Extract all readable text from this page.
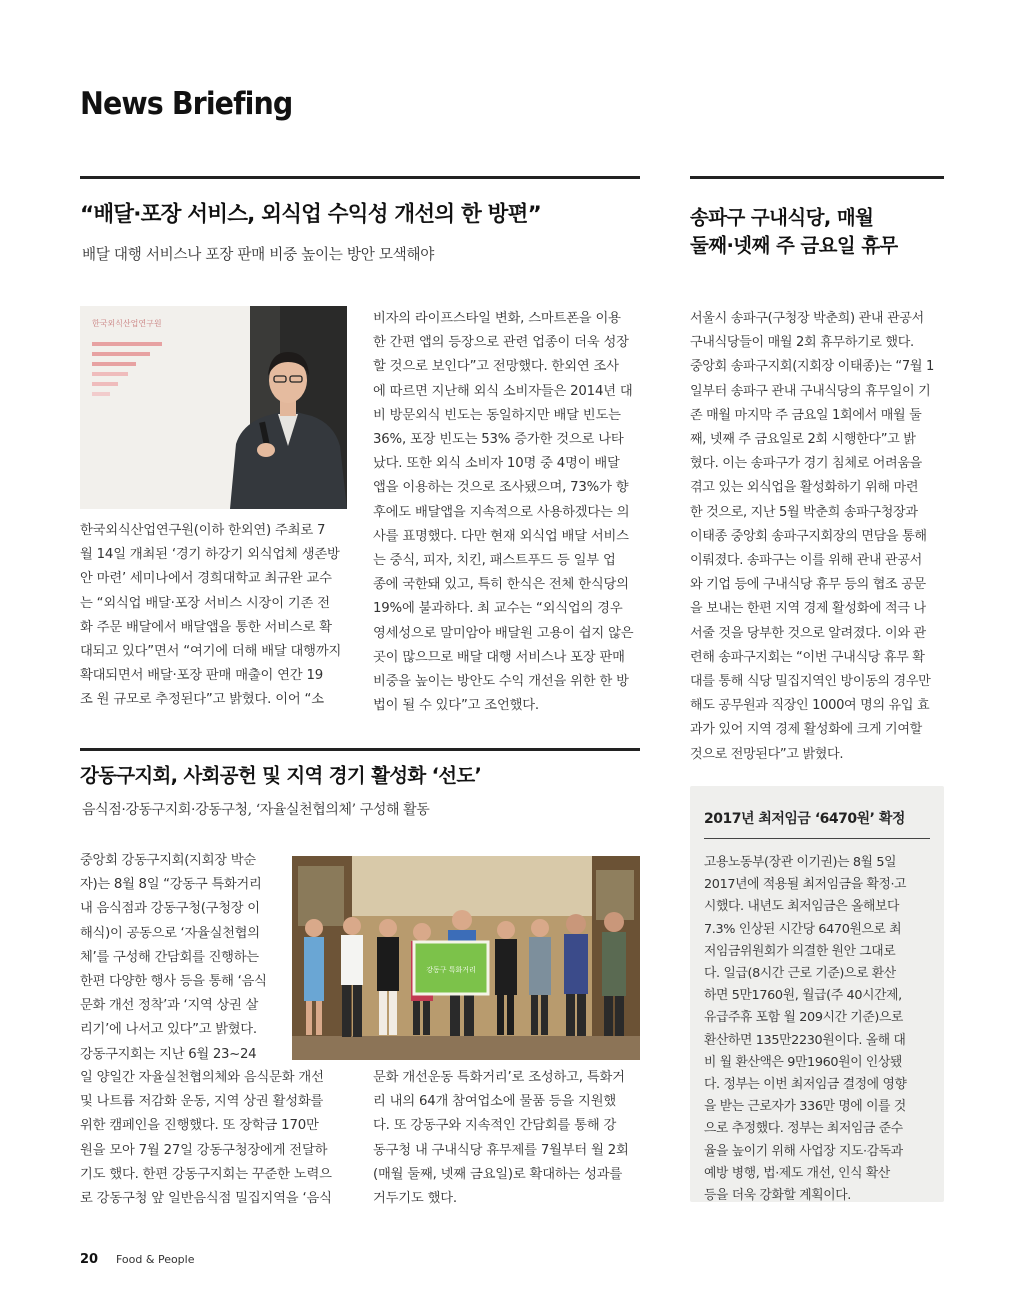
News Briefing
“배달·포장 서비스, 외식업 수익성 개선의 한 방편”

배달 대행 서비스나 포장 판매 비중 높이는 방안 모색해야

한국외식산업연구원
한국외식산업연구원(이하 한외연) 주최로 7
월 14일 개최된 ‘경기 하강기 외식업체 생존방
안 마련’ 세미나에서 경희대학교 최규완 교수
는 “외식업 배달·포장 서비스 시장이 기존 전
화 주문 배달에서 배달앱을 통한 서비스로 확
대되고 있다”면서 “여기에 더해 배달 대행까지
확대되면서 배달·포장 판매 매출이 연간 19
조 원 규모로 추정된다”고 밝혔다. 이어 “소
비자의 라이프스타일 변화, 스마트폰을 이용
한 간편 앱의 등장으로 관련 업종이 더욱 성장
할 것으로 보인다”고 전망했다. 한외연 조사
에 따르면 지난해 외식 소비자들은 2014년 대
비 방문외식 빈도는 동일하지만 배달 빈도는
36%, 포장 빈도는 53% 증가한 것으로 나타
났다. 또한 외식 소비자 10명 중 4명이 배달
앱을 이용하는 것으로 조사됐으며, 73%가 향
후에도 배달앱을 지속적으로 사용하겠다는 의
사를 표명했다. 다만 현재 외식업 배달 서비스
는 중식, 피자, 치킨, 패스트푸드 등 일부 업
종에 국한돼 있고, 특히 한식은 전체 한식당의
19%에 불과하다. 최 교수는 “외식업의 경우
영세성으로 말미암아 배달원 고용이 쉽지 않은
곳이 많으므로 배달 대행 서비스나 포장 판매
비중을 높이는 방안도 수익 개선을 위한 한 방
법이 될 수 있다”고 조언했다.
송파구 구내식당, 매월
둘째·넷째 주 금요일 휴무
서울시 송파구(구청장 박춘희) 관내 관공서
구내식당들이 매월 2회 휴무하기로 했다.
중앙회 송파구지회(지회장 이태종)는 “7월 1
일부터 송파구 관내 구내식당의 휴무일이 기
존 매월 마지막 주 금요일 1회에서 매월 둘
째, 넷째 주 금요일로 2회 시행한다”고 밝
혔다. 이는 송파구가 경기 침체로 어려움을
겪고 있는 외식업을 활성화하기 위해 마련
한 것으로, 지난 5월 박춘희 송파구청장과
이태종 중앙회 송파구지회장의 면담을 통해
이뤄졌다. 송파구는 이를 위해 관내 관공서
와 기업 등에 구내식당 휴무 등의 협조 공문
을 보내는 한편 지역 경제 활성화에 적극 나
서줄 것을 당부한 것으로 알려졌다. 이와 관
련해 송파구지회는 “이번 구내식당 휴무 확
대를 통해 식당 밀집지역인 방이동의 경우만
해도 공무원과 직장인 1000여 명의 유입 효
과가 있어 지역 경제 활성화에 크게 기여할
것으로 전망된다”고 밝혔다.
강동구지회, 사회공헌 및 지역 경기 활성화 ‘선도’

음식점·강동구지회·강동구청, ‘자율실천협의체’ 구성해 활동

중앙회 강동구지회(지회장 박순
자)는 8월 8일 “강동구 특화거리
내 음식점과 강동구청(구청장 이
해식)이 공동으로 ‘자율실천협의
체’를 구성해 간담회를 진행하는
한편 다양한 행사 등을 통해 ‘음식
문화 개선 정착’과 ‘지역 상권 살
리기’에 나서고 있다”고 밝혔다.
강동구지회는 지난 6월 23~24
강동구 특화거리
일 양일간 자율실천협의체와 음식문화 개선
및 나트륨 저감화 운동, 지역 상권 활성화를
위한 캠페인을 진행했다. 또 장학금 170만
원을 모아 7월 27일 강동구청장에게 전달하
기도 했다. 한편 강동구지회는 꾸준한 노력으
로 강동구청 앞 일반음식점 밀집지역을 ‘음식
문화 개선운동 특화거리’로 조성하고, 특화거
리 내의 64개 참여업소에 물품 등을 지원했
다. 또 강동구와 지속적인 간담회를 통해 강
동구청 내 구내식당 휴무제를 7월부터 월 2회
(매월 둘째, 넷째 금요일)로 확대하는 성과를
거두기도 했다.
2017년 최저임금 ‘6470원’ 확정
고용노동부(장관 이기권)는 8월 5일
2017년에 적용될 최저임금을 확정·고
시했다. 내년도 최저임금은 올해보다
7.3% 인상된 시간당 6470원으로 최
저임금위원회가 의결한 원안 그대로
다. 일급(8시간 근로 기준)으로 환산
하면 5만1760원, 월급(주 40시간제,
유급주휴 포함 월 209시간 기준)으로
환산하면 135만2230원이다. 올해 대
비 월 환산액은 9만1960원이 인상됐
다. 정부는 이번 최저임금 결정에 영향
을 받는 근로자가 336만 명에 이를 것
으로 추정했다. 정부는 최저임금 준수
율을 높이기 위해 사업장 지도·감독과
예방 병행, 법·제도 개선, 인식 확산
등을 더욱 강화할 계획이다.
20 Food & People
